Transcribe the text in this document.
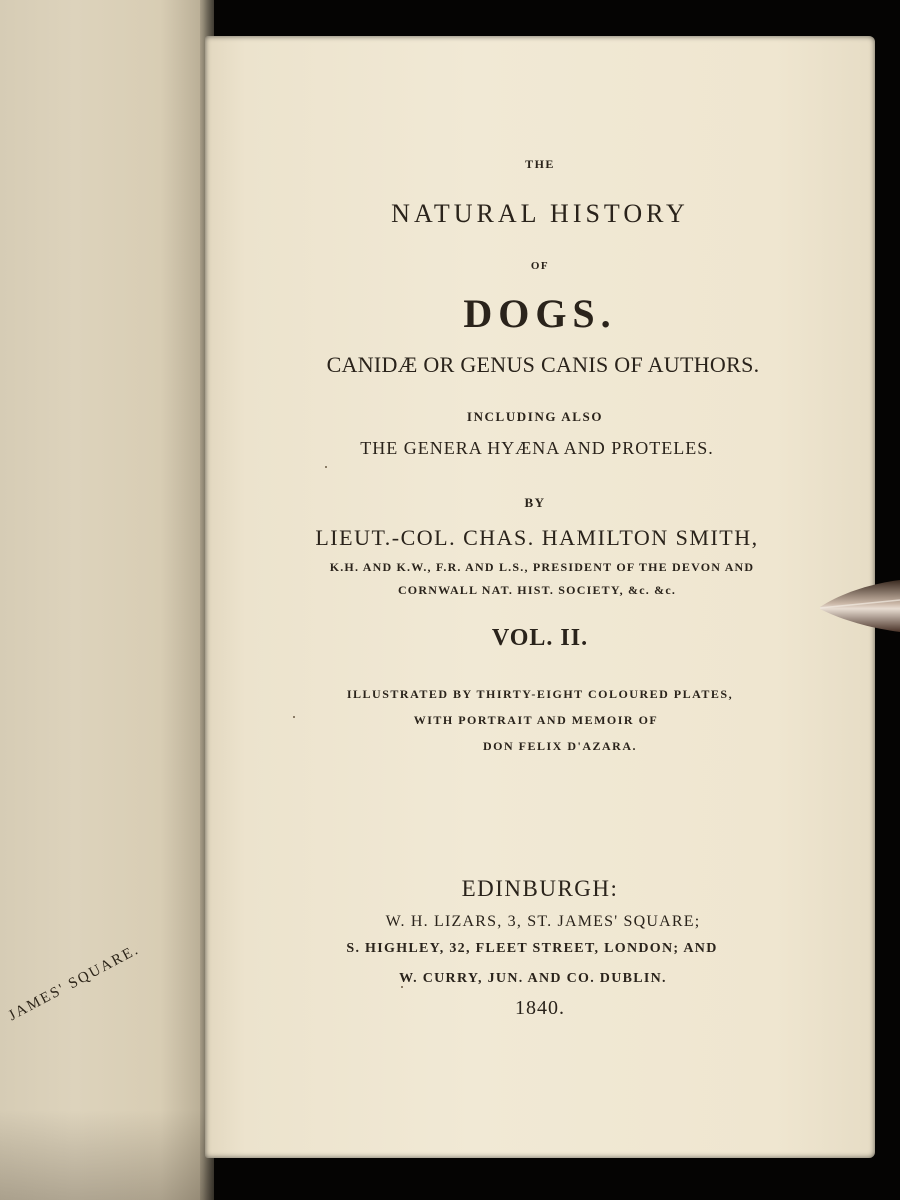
JAMES' SQUARE.
THE
NATURAL HISTORY
OF
DOGS.
CANIDÆ OR GENUS CANIS OF AUTHORS.
INCLUDING ALSO
THE GENERA HYÆNA AND PROTELES.
BY
LIEUT.-COL. CHAS. HAMILTON SMITH,
K.H. AND K.W., F.R. AND L.S., PRESIDENT OF THE DEVON AND
CORNWALL NAT. HIST. SOCIETY, &c. &c.
VOL. II.
ILLUSTRATED BY THIRTY-EIGHT COLOURED PLATES,
WITH PORTRAIT AND MEMOIR OF
DON FELIX D'AZARA.
EDINBURGH:
W. H. LIZARS, 3, ST. JAMES' SQUARE;
S. HIGHLEY, 32, FLEET STREET, LONDON; AND
W. CURRY, JUN. AND CO. DUBLIN.
1840.
